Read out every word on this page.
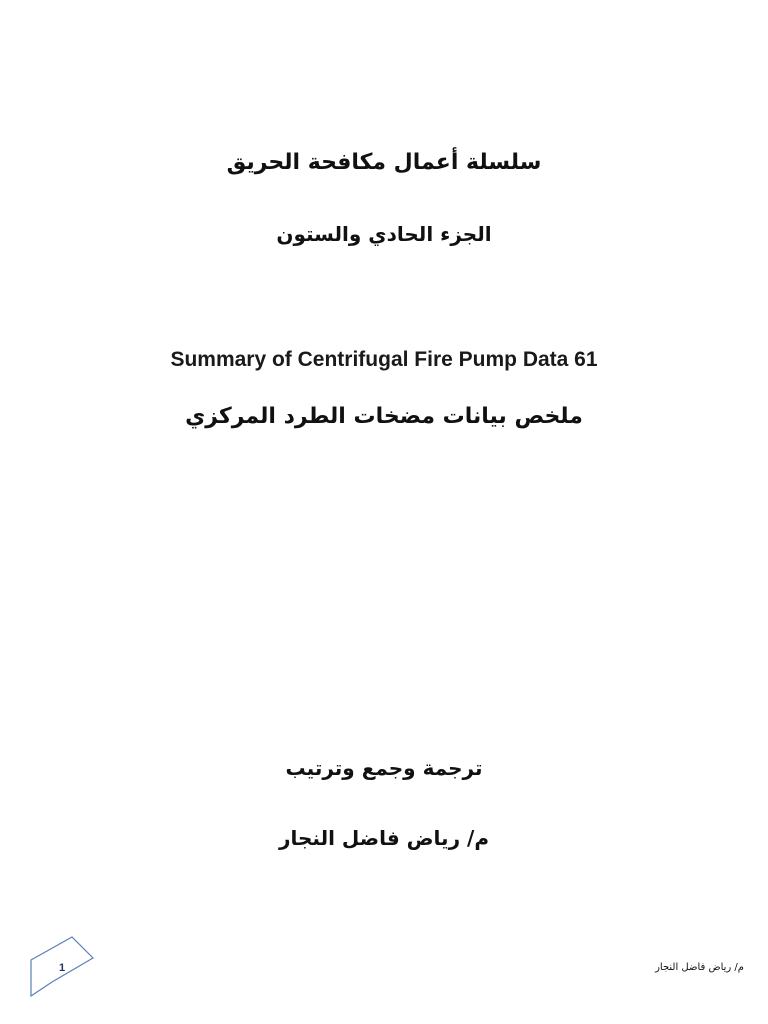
سلسلة أعمال مكافحة الحريق
الجزء الحادي والستون
Summary of Centrifugal Fire Pump Data 61
ملخص بيانات مضخات الطرد المركزي
ترجمة وجمع وترتيب
م/ رياض فاضل النجار
1	م/ رياض فاضل النجار
